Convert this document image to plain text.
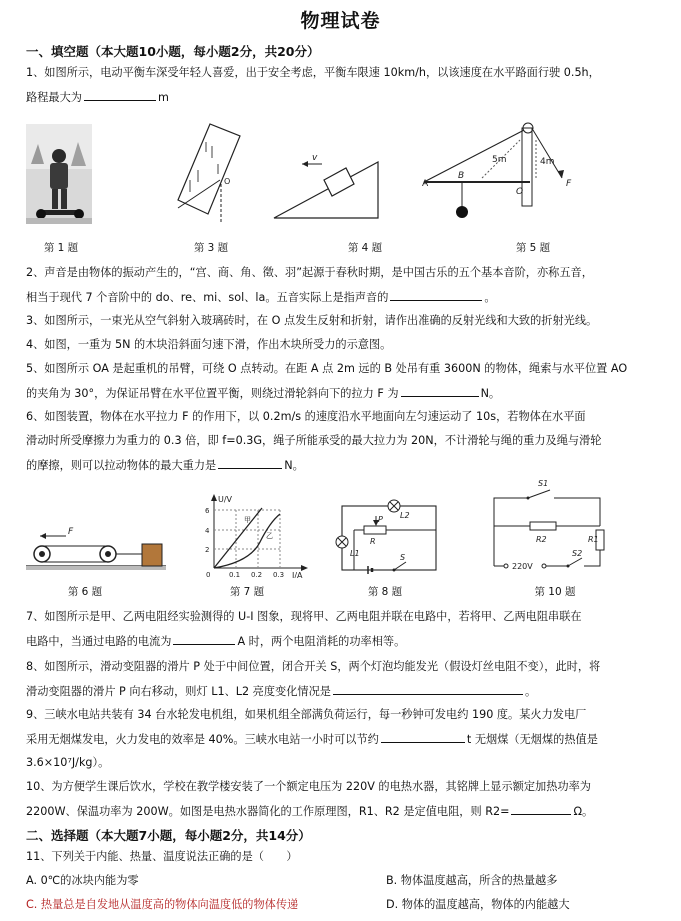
物理试卷
一、填空题（本大题10小题，每小题2分，共20分）
1、如图所示，电动平衡车深受年轻人喜爱，出于安全考虑，平衡车限速 10km/h，以该速度在水平路面行驶 0.5h，
路程最大为	m
O
v
A
B
O
F
5m	4m
第 1 题	第 3 题	第 4 题	第 5 题
2、声音是由物体的振动产生的，“宫、商、角、徵、羽”起源于春秋时期，是中国古乐的五个基本音阶，亦称五音，
相当于现代 7 个音阶中的 do、re、mi、sol、la。五音实际上是指声音的	。
3、如图所示，一束光从空气斜射入玻璃砖时，在 O 点发生反射和折射，请作出准确的反射光线和大致的折射光线。
4、如图，一重为 5N 的木块沿斜面匀速下滑，作出木块所受力的示意图。
5、如图所示 OA 是起重机的吊臂，可绕 O 点转动。在距 A 点 2m 远的 B 处吊有重 3600N 的物体，绳索与水平位置 AO
的夹角为 30°，为保证吊臂在水平位置平衡，则绕过滑轮斜向下的拉力 F 为	N。
6、如图装置，物体在水平拉力 F 的作用下，以 0.2m/s 的速度沿水平地面向左匀速运动了 10s，若物体在水平面
滑动时所受摩擦力为重力的 0.3 倍，即 f=0.3G，绳子所能承受的最大拉力为 20N，不计滑轮与绳的重力及绳与滑轮
的摩擦，则可以拉动物体的最大重力是	N。
F
U/V
I/A
6
4
2
0	0.1 0.2 0.3
甲
乙
L2
L1
P
R
S
S1
R2	R1
S2
220V
第 6 题	第 7 题	第 8 题	第 10 题
7、如图所示是甲、乙两电阻经实验测得的 U-I 图象，现将甲、乙两电阻并联在电路中，若将甲、乙两电阻串联在
电路中，当通过电路的电流为	A 时，两个电阻消耗的功率相等。
8、如图所示，滑动变阻器的滑片 P 处于中间位置，闭合开关 S，两个灯泡均能发光（假设灯丝电阻不变），此时，将
滑动变阻器的滑片 P 向右移动，则灯 L1、L2 亮度变化情况是	。
9、三峡水电站共装有 34 台水轮发电机组，如果机组全部满负荷运行，每一秒钟可发电约 190 度。某火力发电厂
采用无烟煤发电，火力发电的效率是 40%。三峡水电站一小时可以节约	t 无烟煤（无烟煤的热值是
3.6×10⁷J/kg）。
10、为方便学生课后饮水，学校在教学楼安装了一个额定电压为 220V 的电热水器，其铭牌上显示额定加热功率为
2200W、保温功率为 200W。如图是电热水器简化的工作原理图，R1、R2 是定值电阻，则 R2=	Ω。
二、选择题（本大题7小题，每小题2分，共14分）
11、下列关于内能、热量、温度说法正确的是（　　）
A. 0℃的冰块内能为零	B. 物体温度越高，所含的热量越多
C. 热量总是自发地从温度高的物体向温度低的物体传递	D. 物体的温度越高，物体的内能越大
